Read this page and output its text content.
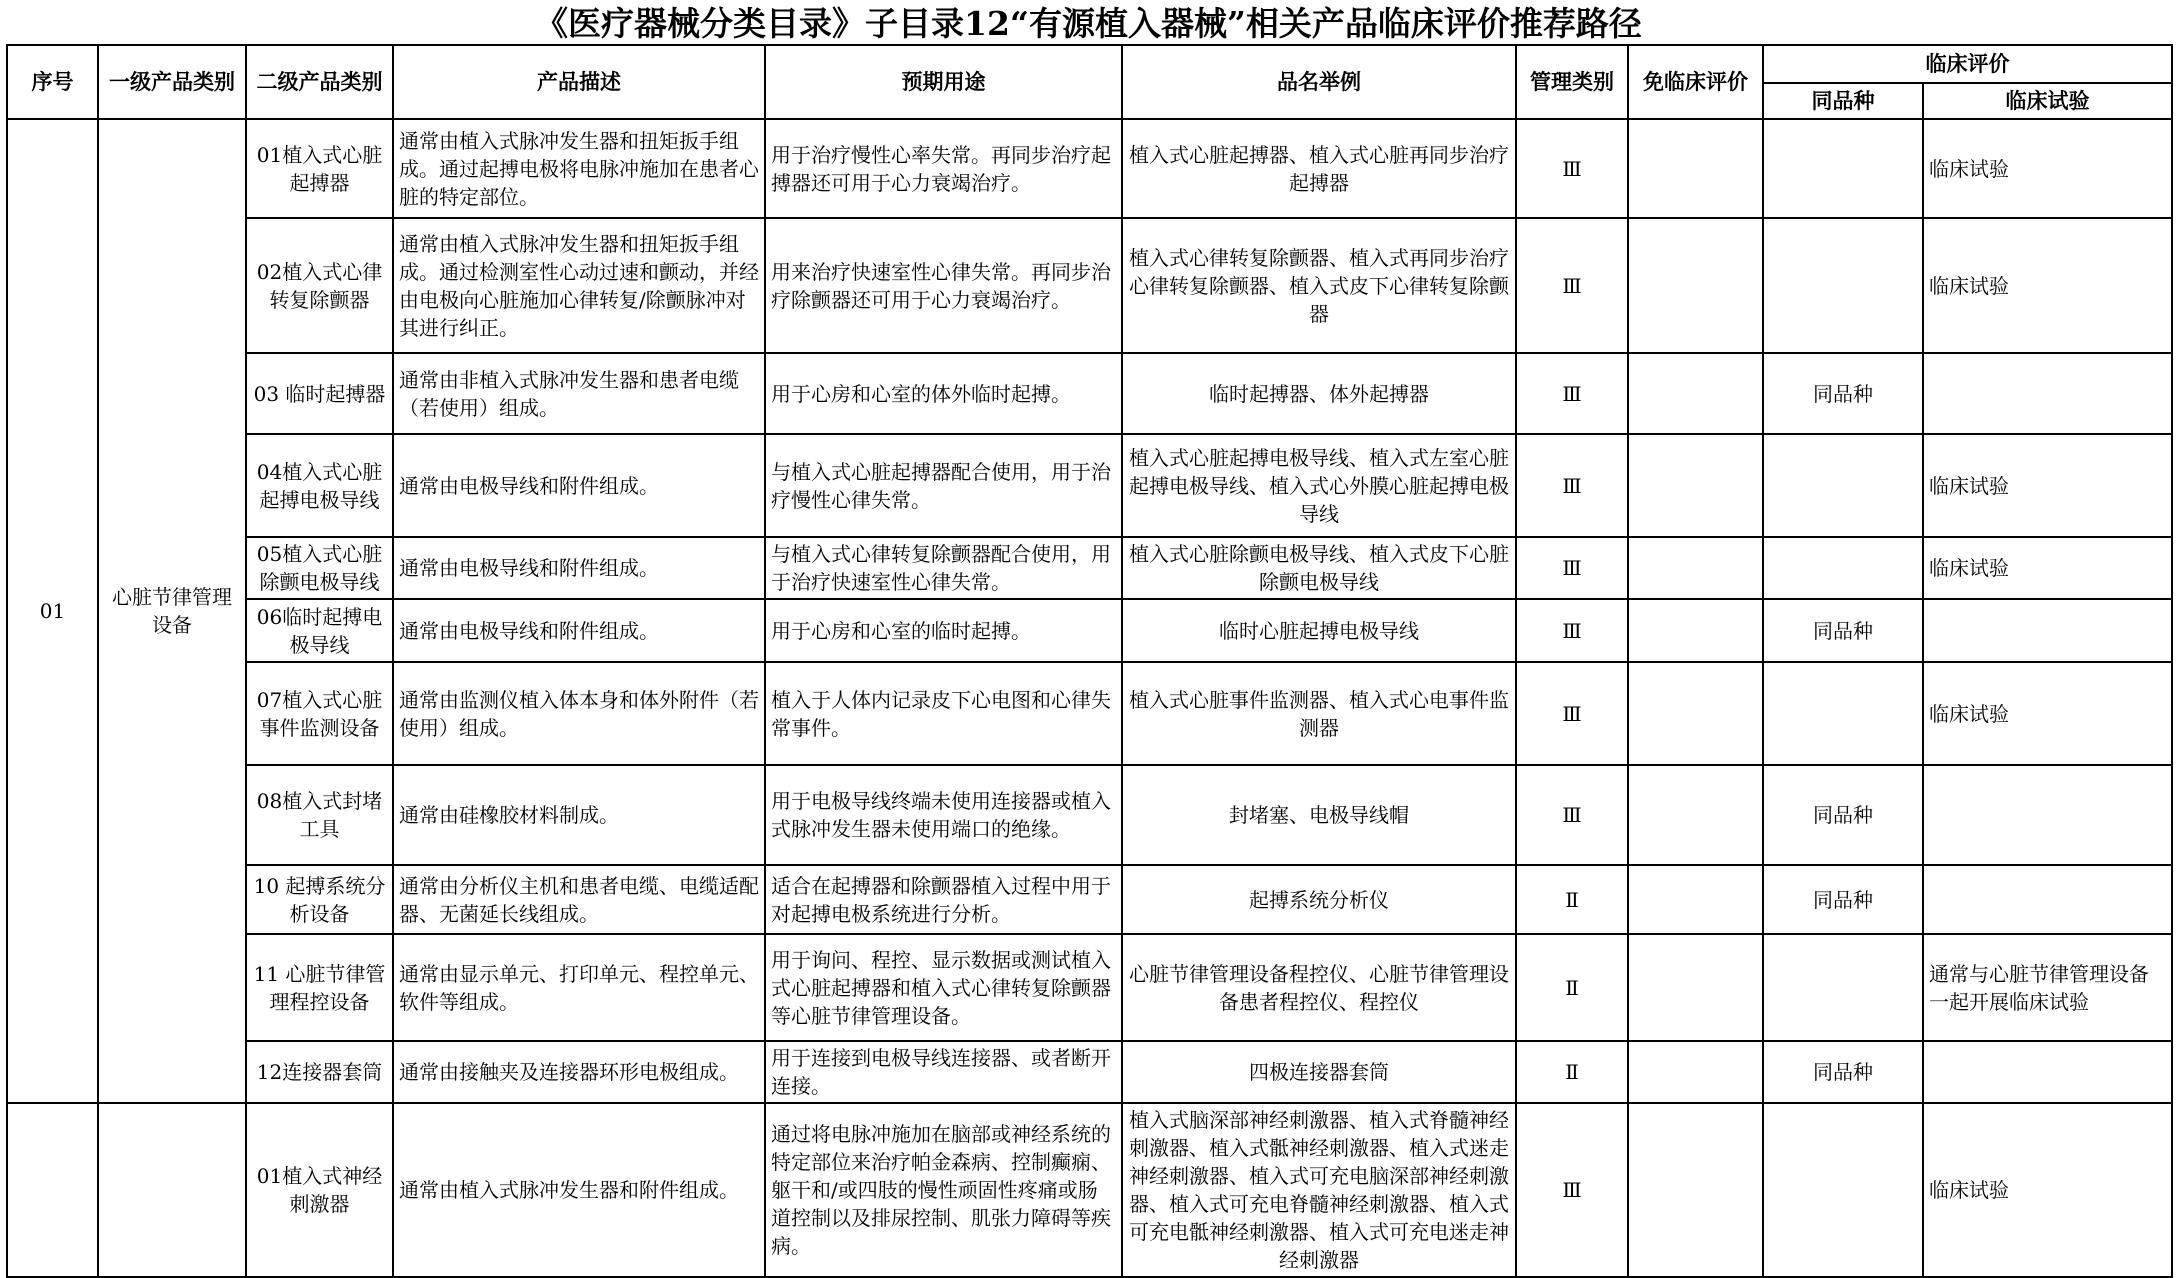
《医疗器械分类目录》子目录12“有源植入器械”相关产品临床评价推荐路径
序号	一级产品类别	二级产品类别	产品描述	预期用途	品名举例	管理类别	免临床评价	临床评价	
								同品种	临床试验
01	心脏节律管理设备	01植入式心脏起搏器	通常由植入式脉冲发生器和扭矩扳手组成。通过起搏电极将电脉冲施加在患者心脏的特定部位。	用于治疗慢性心率失常。再同步治疗起搏器还可用于心力衰竭治疗。	植入式心脏起搏器、植入式心脏再同步治疗起搏器	Ⅲ			临床试验
		02植入式心律转复除颤器	通常由植入式脉冲发生器和扭矩扳手组成。通过检测室性心动过速和颤动，并经由电极向心脏施加心律转复/除颤脉冲对其进行纠正。	用来治疗快速室性心律失常。再同步治疗除颤器还可用于心力衰竭治疗。	植入式心律转复除颤器、植入式再同步治疗心律转复除颤器、植入式皮下心律转复除颤器	Ⅲ			临床试验
		03 临时起搏器	通常由非植入式脉冲发生器和患者电缆（若使用）组成。	用于心房和心室的体外临时起搏。	临时起搏器、体外起搏器	Ⅲ		同品种	
		04植入式心脏起搏电极导线	通常由电极导线和附件组成。	与植入式心脏起搏器配合使用，用于治疗慢性心律失常。	植入式心脏起搏电极导线、植入式左室心脏起搏电极导线、植入式心外膜心脏起搏电极导线	Ⅲ			临床试验
		05植入式心脏除颤电极导线	通常由电极导线和附件组成。	与植入式心律转复除颤器配合使用，用于治疗快速室性心律失常。	植入式心脏除颤电极导线、植入式皮下心脏除颤电极导线	Ⅲ			临床试验
		06临时起搏电极导线	通常由电极导线和附件组成。	用于心房和心室的临时起搏。	临时心脏起搏电极导线	Ⅲ		同品种	
		07植入式心脏事件监测设备	通常由监测仪植入体本身和体外附件（若使用）组成。	植入于人体内记录皮下心电图和心律失常事件。	植入式心脏事件监测器、植入式心电事件监测器	Ⅲ			临床试验
		08植入式封堵工具	通常由硅橡胶材料制成。	用于电极导线终端未使用连接器或植入式脉冲发生器未使用端口的绝缘。	封堵塞、电极导线帽	Ⅲ		同品种	
		10 起搏系统分析设备	通常由分析仪主机和患者电缆、电缆适配器、无菌延长线组成。	适合在起搏器和除颤器植入过程中用于对起搏电极系统进行分析。	起搏系统分析仪	Ⅱ		同品种	
		11 心脏节律管理程控设备	通常由显示单元、打印单元、程控单元、软件等组成。	用于询问、程控、显示数据或测试植入式心脏起搏器和植入式心律转复除颤器等心脏节律管理设备。	心脏节律管理设备程控仪、心脏节律管理设备患者程控仪、程控仪	Ⅱ			通常与心脏节律管理设备一起开展临床试验
		12连接器套筒	通常由接触夹及连接器环形电极组成。	用于连接到电极导线连接器、或者断开连接。	四极连接器套筒	Ⅱ		同品种	
		01植入式神经刺激器	通常由植入式脉冲发生器和附件组成。	通过将电脉冲施加在脑部或神经系统的特定部位来治疗帕金森病、控制癫痫、躯干和/或四肢的慢性顽固性疼痛或肠道控制以及排尿控制、肌张力障碍等疾病。	植入式脑深部神经刺激器、植入式脊髓神经刺激器、植入式骶神经刺激器、植入式迷走神经刺激器、植入式可充电脑深部神经刺激器、植入式可充电脊髓神经刺激器、植入式可充电骶神经刺激器、植入式可充电迷走神经刺激器	Ⅲ			临床试验
